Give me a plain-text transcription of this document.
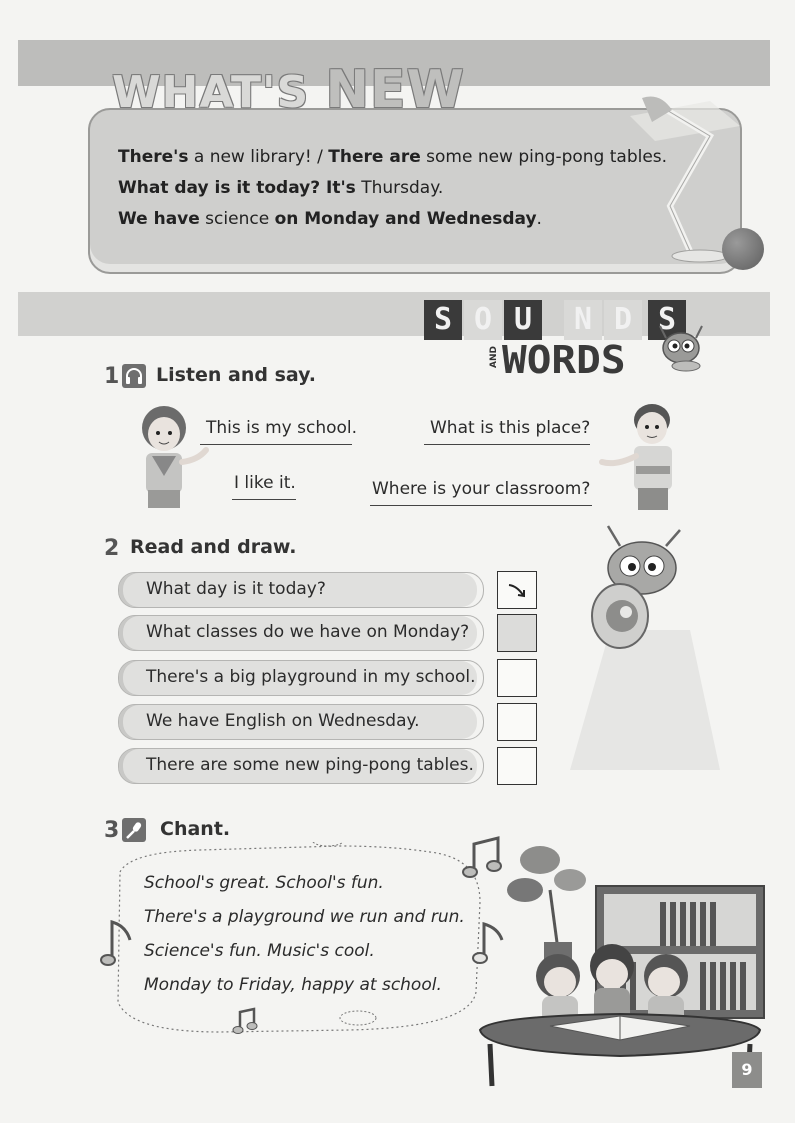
WHAT'S NEW
There's a new library! / There are some new ping-pong tables.
What day is it today? It's Thursday.
We have science on Monday and Wednesday.
S O U	N D S
AND WORDS
1 Listen and say.
This is my school.
I like it.
What is this place?
Where is your classroom?
2 Read and draw.
What day is it today?
What classes do we have on Monday?
There's a big playground in my school.
We have English on Wednesday.
There are some new ping-pong tables.
3 Chant.
School's great. School's fun.
There's a playground we run and run.
Science's fun. Music's cool.
Monday to Friday, happy at school.
9
